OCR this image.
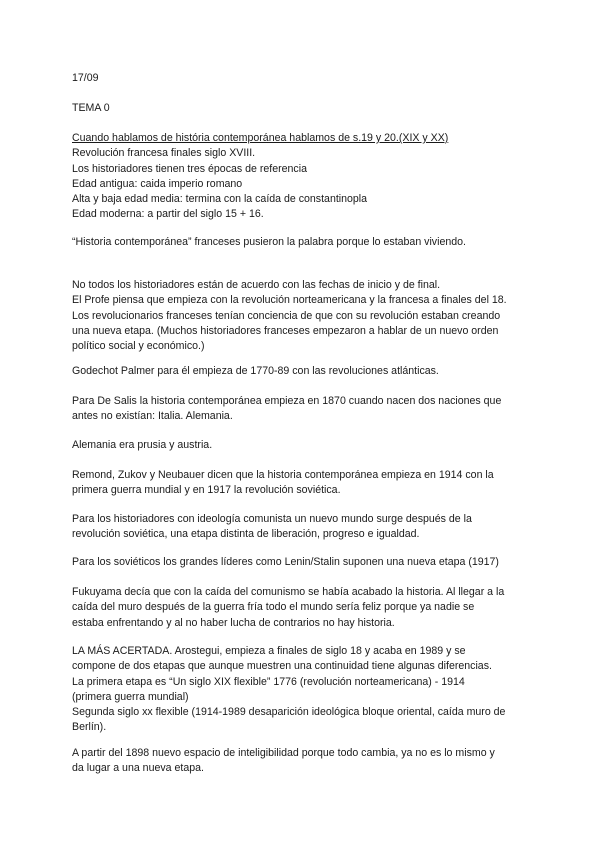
17/09
TEMA 0
Cuando hablamos de história contemporánea hablamos de s.19 y 20.(XIX y XX)
Revolución francesa finales siglo XVIII.
Los historiadores tienen tres épocas de referencia
Edad antigua: caida imperio romano
Alta y baja edad media: termina con la caída de constantinopla
Edad moderna: a partir del siglo 15 + 16.
“Historia contemporánea” franceses pusieron la palabra porque lo estaban viviendo.
No todos los historiadores están de acuerdo con las fechas de inicio y de final.
El Profe piensa que empieza con la revolución norteamericana y la francesa a finales del 18.
Los revolucionarios franceses tenían conciencia de que con su revolución estaban creando
una nueva etapa. (Muchos historiadores franceses empezaron a hablar de un nuevo orden
político social y económico.)
Godechot Palmer para él empieza de 1770-89 con las revoluciones atlánticas.
Para De Salis la historia contemporánea empieza en 1870 cuando nacen dos naciones que
antes no existían: Italia. Alemania.
Alemania era prusia y austria.
Remond, Zukov y Neubauer dicen que la historia contemporánea empieza en 1914 con la
primera guerra mundial y en 1917 la revolución soviética.
Para los historiadores con ideología comunista un nuevo mundo surge después de la
revolución soviética, una etapa distinta de liberación, progreso e igualdad.
Para los soviéticos los grandes líderes como Lenin/Stalin suponen una nueva etapa (1917)
Fukuyama decía que con la caída del comunismo se había acabado la historia. Al llegar a la
caída del muro después de la guerra fría todo el mundo sería feliz porque ya nadie se
estaba enfrentando y al no haber lucha de contrarios no hay historia.
LA MÁS ACERTADA. Arostegui, empieza a finales de siglo 18 y acaba en 1989 y se
compone de dos etapas que aunque muestren una continuidad tiene algunas diferencias.
La primera etapa es “Un siglo XIX flexible” 1776 (revolución norteamericana) - 1914
(primera guerra mundial)
Segunda siglo xx flexible (1914-1989 desaparición ideológica bloque oriental, caída muro de
Berlín).
A partir del 1898 nuevo espacio de inteligibilidad porque todo cambia, ya no es lo mismo y
da lugar a una nueva etapa.
